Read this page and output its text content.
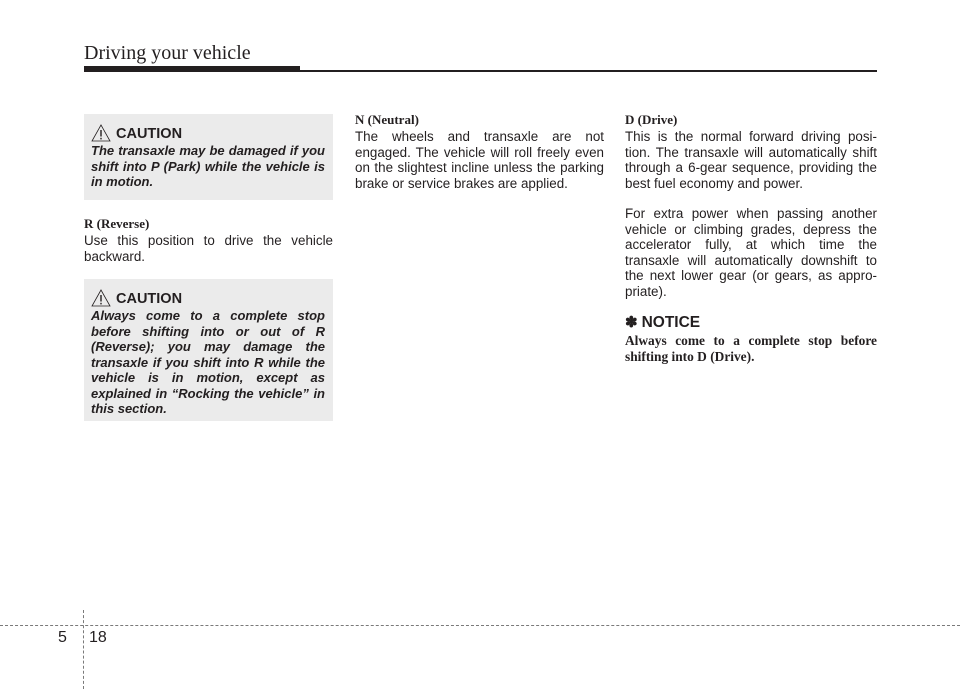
Driving your vehicle
CAUTION

The transaxle may be damaged if you shift into P (Park) while the vehicle is in motion.

R (Reverse)

Use this position to drive the vehicle backward.

CAUTION

Always come to a complete stop before shifting into or out of R (Reverse); you may damage the transaxle if you shift into R while the vehicle is in motion, except as explained in “Rocking the vehicle” in this section.

N (Neutral)

The wheels and transaxle are not engaged. The vehicle will roll freely even on the slightest incline unless the parking brake or service brakes are applied.

D (Drive)

This is the normal forward driving posi-tion. The transaxle will automatically shift through a 6-gear sequence, providing the best fuel economy and power.

For extra power when passing another vehicle or climbing grades, depress the accelerator fully, at which time the transaxle will automatically downshift to the next lower gear (or gears, as appro-priate).

✽ NOTICE

Always come to a complete stop before shifting into D (Drive).

5 18
